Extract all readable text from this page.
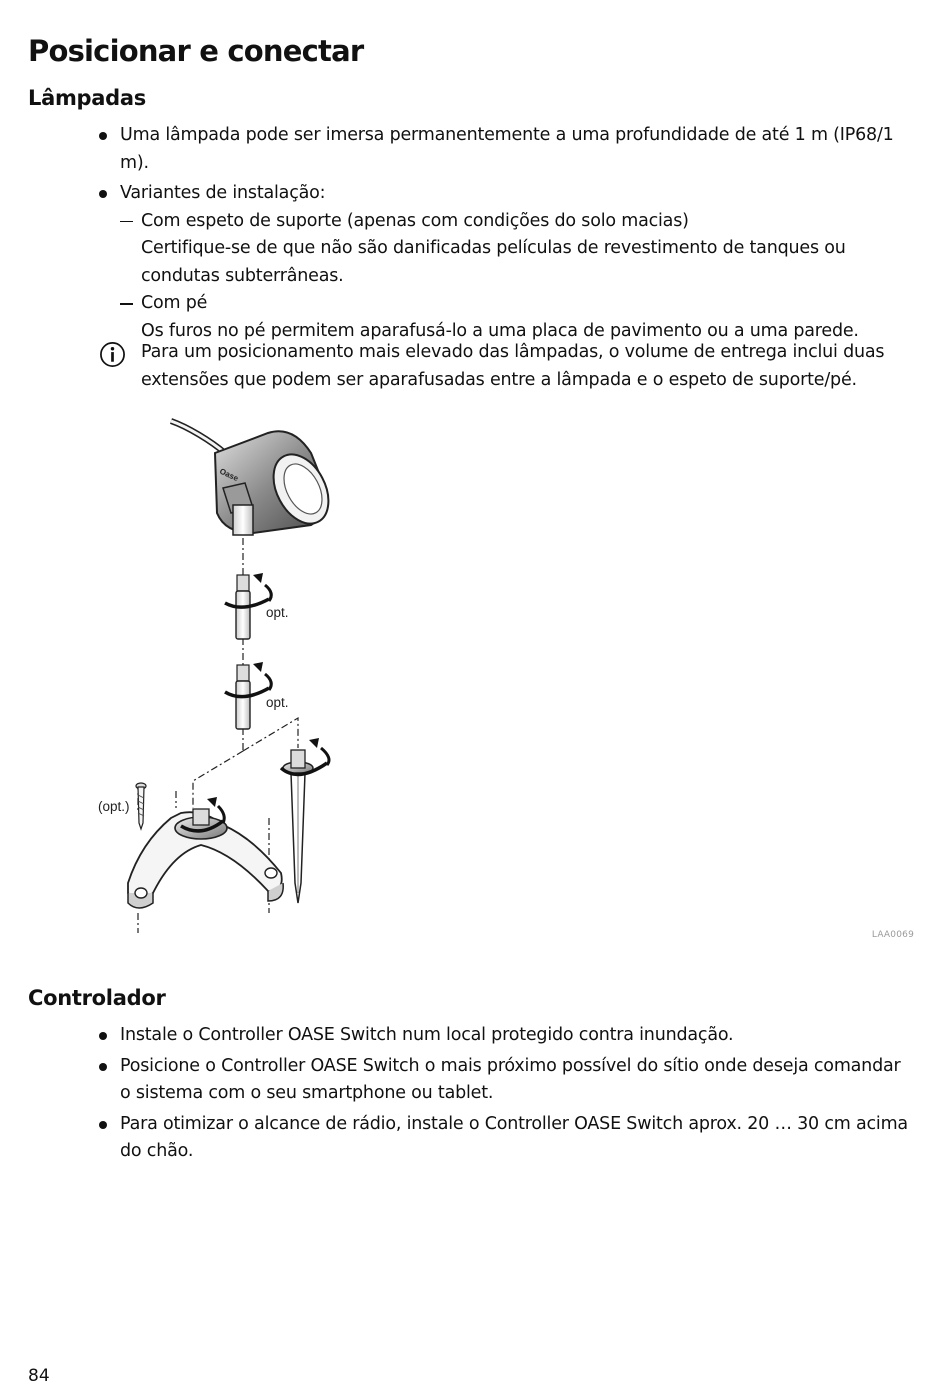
Posicionar e conectar
Lâmpadas
Uma lâmpada pode ser imersa permanentemente a uma profundidade de até 1 m (IP68/1 m).
Variantes de instalação:
Com espeto de suporte (apenas com condições do solo macias)
Certifique-se de que não são danificadas películas de revestimento de tanques ou condutas subterrâneas.
Com pé
Os furos no pé permitem aparafusá-lo a uma placa de pavimento ou a uma parede.
Para um posicionamento mais elevado das lâmpadas, o volume de entrega inclui duas extensões que podem ser aparafusadas entre a lâmpada e o espeto de suporte/pé.
Oase
opt.
opt.
(opt.)
LAA0069
Controlador
Instale o Controller OASE Switch num local protegido contra inundação.
Posicione o Controller OASE Switch o mais próximo possível do sítio onde deseja comandar o sistema com o seu smartphone ou tablet.
Para otimizar o alcance de rádio, instale o Controller OASE Switch aprox. 20 … 30 cm acima do chão.
84
